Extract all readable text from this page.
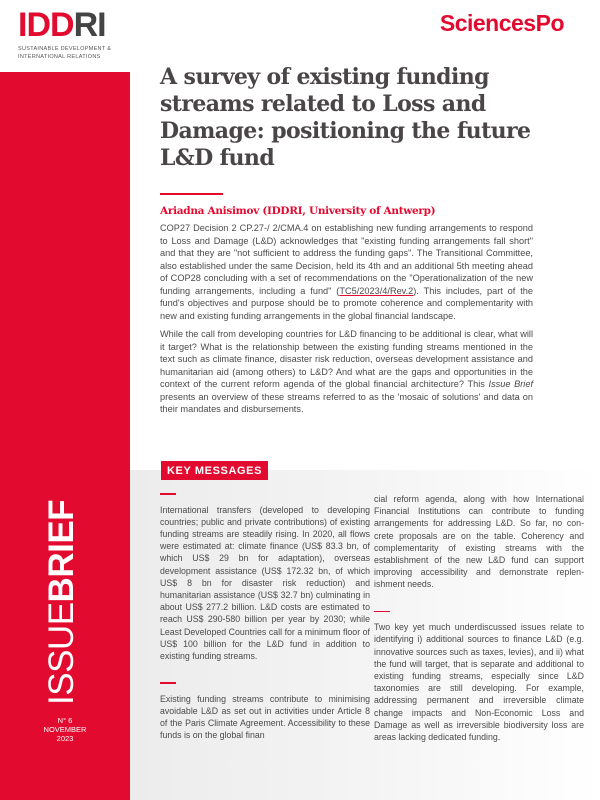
IDDRI
SUSTAINABLE DEVELOPMENT &
INTERNATIONAL RELATIONS
SciencesPo
ISSUEBRIEF
N° 6
NOVEMBER
2023
A survey of existing funding streams related to Loss and Damage: positioning the future L&D fund
Ariadna Anisimov (IDDRI, University of Antwerp)

COP27 Decision 2 CP.27-/ 2/CMA.4 on establishing new funding arrangements to respond to Loss and Damage (L&D) acknowledges that "existing funding arrangements fall short" and that they are "not sufficient to address the funding gaps". The Transitional Committee, also established under the same Decision, held its 4th and an additional 5th meeting ahead of COP28 concluding with a set of recommendations on the "Operationalization of the new funding arrangements, including a fund" (TC5/2023/4/Rev.2). This includes, part of the fund's objectives and purpose should be to promote coherence and complementarity with new and existing funding arrangements in the global financial landscape.

While the call from developing countries for L&D financing to be additional is clear, what will it target? What is the relationship between the existing funding streams mentioned in the text such as climate finance, disaster risk reduction, overseas development assistance and humanitarian aid (among others) to L&D? And what are the gaps and opportunities in the context of the current reform agenda of the global financial architecture? This Issue Brief presents an overview of these streams referred to as the 'mosaic of solutions' and data on their mandates and disbursements.

KEY MESSAGES

International transfers (developed to developing countries; public and private contributions) of existing funding streams are steadily rising. In 2020, all flows were estimated at: climate finance (US$ 83.3 bn, of which US$ 29 bn for adaptation), overseas development assistance (US$ 172.32 bn, of which US$ 8 bn for disaster risk reduction) and humanitarian assistance (US$ 32.7 bn) culminating in about US$ 277.2 billion. L&D costs are estimated to reach US$ 290-580 billion per year by 2030; while Least Developed Countries call for a minimum floor of US$ 100 billion for the L&D fund in addition to existing funding streams.

Existing funding streams contribute to minimising avoidable L&D as set out in activities under Article 8 of the Paris Climate Agreement. Accessibility to these funds is on the global finan

cial reform agenda, along with how International Financial Institutions can contribute to funding arrangements for addressing L&D. So far, no concrete proposals are on the table. Coherency and complementarity of existing streams with the establishment of the new L&D fund can support improving accessibility and demonstrate replenishment needs.

Two key yet much underdiscussed issues relate to identifying i) additional sources to finance L&D (e.g. innovative sources such as taxes, levies), and ii) what the fund will target, that is separate and additional to existing funding streams, especially since L&D taxonomies are still developing. For example, addressing permanent and irreversible climate change impacts and Non-Economic Loss and Damage as well as irreversible biodiversity loss are areas lacking dedicated funding.
